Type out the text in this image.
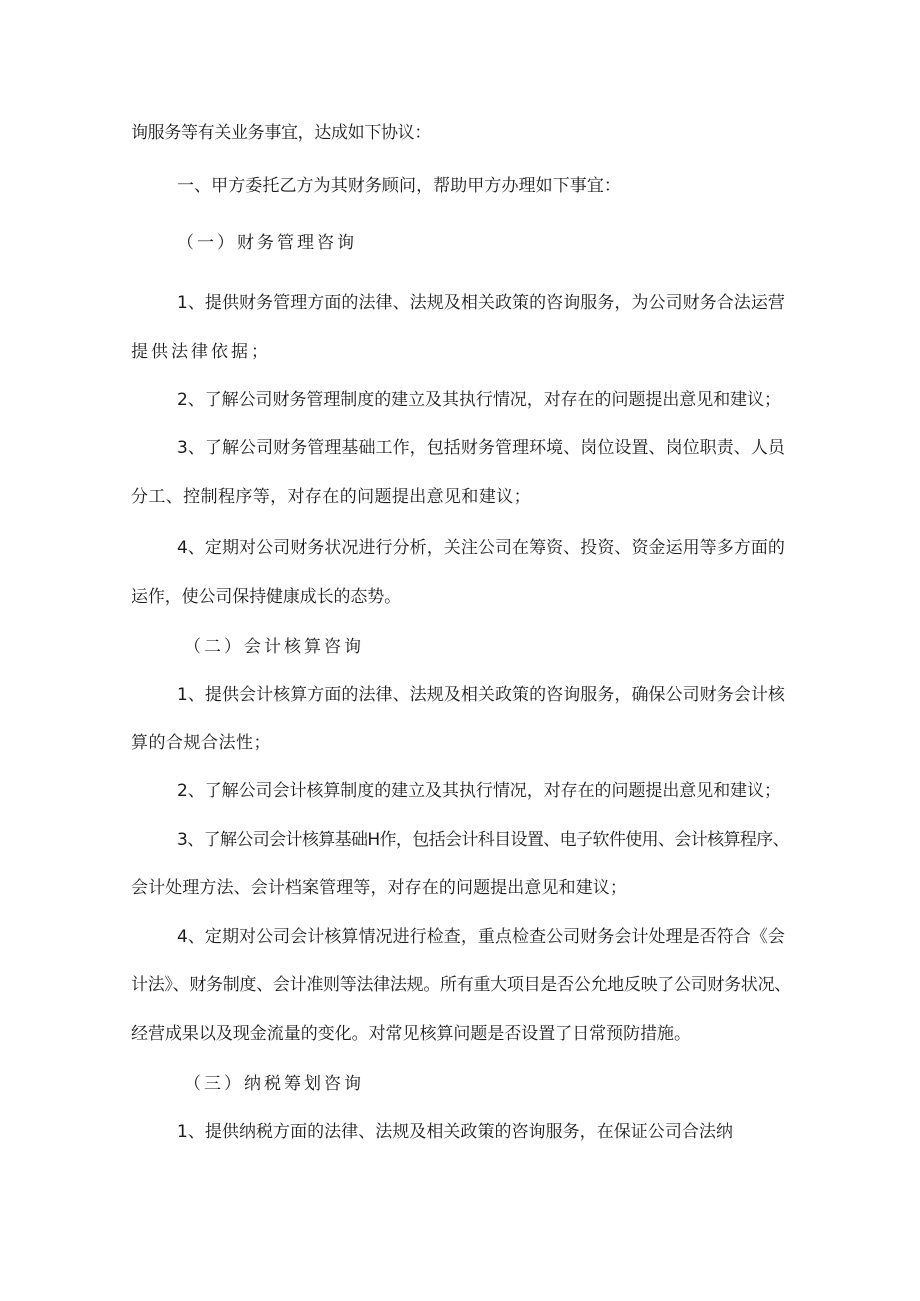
询服务等有关业务事宜，达成如下协议：

一、甲方委托乙方为其财务顾问，帮助甲方办理如下事宜：

（一）财务管理咨询

1、提供财务管理方面的法律、法规及相关政策的咨询服务，为公司财务合法运营

提供法律依据；

2、了解公司财务管理制度的建立及其执行情况，对存在的问题提出意见和建议；

3、了解公司财务管理基础工作，包括财务管理环境、岗位设置、岗位职责、人员

分工、控制程序等，对存在的问题提出意见和建议；

4、定期对公司财务状况进行分析，关注公司在筹资、投资、资金运用等多方面的

运作，使公司保持健康成长的态势。

（二）会计核算咨询

1、提供会计核算方面的法律、法规及相关政策的咨询服务，确保公司财务会计核

算的合规合法性；

2、了解公司会计核算制度的建立及其执行情况，对存在的问题提出意见和建议；

3、了解公司会计核算基础H作，包括会计科目设置、电子软件使用、会计核算程序、

会计处理方法、会计档案管理等，对存在的问题提出意见和建议；

4、定期对公司会计核算情况进行检查，重点检查公司财务会计处理是否符合《会

计法》、财务制度、会计准则等法律法规。所有重大项目是否公允地反映了公司财务状况、

经营成果以及现金流量的变化。对常见核算问题是否设置了日常预防措施。

（三）纳税筹划咨询

1、提供纳税方面的法律、法规及相关政策的咨询服务，在保证公司合法纳
